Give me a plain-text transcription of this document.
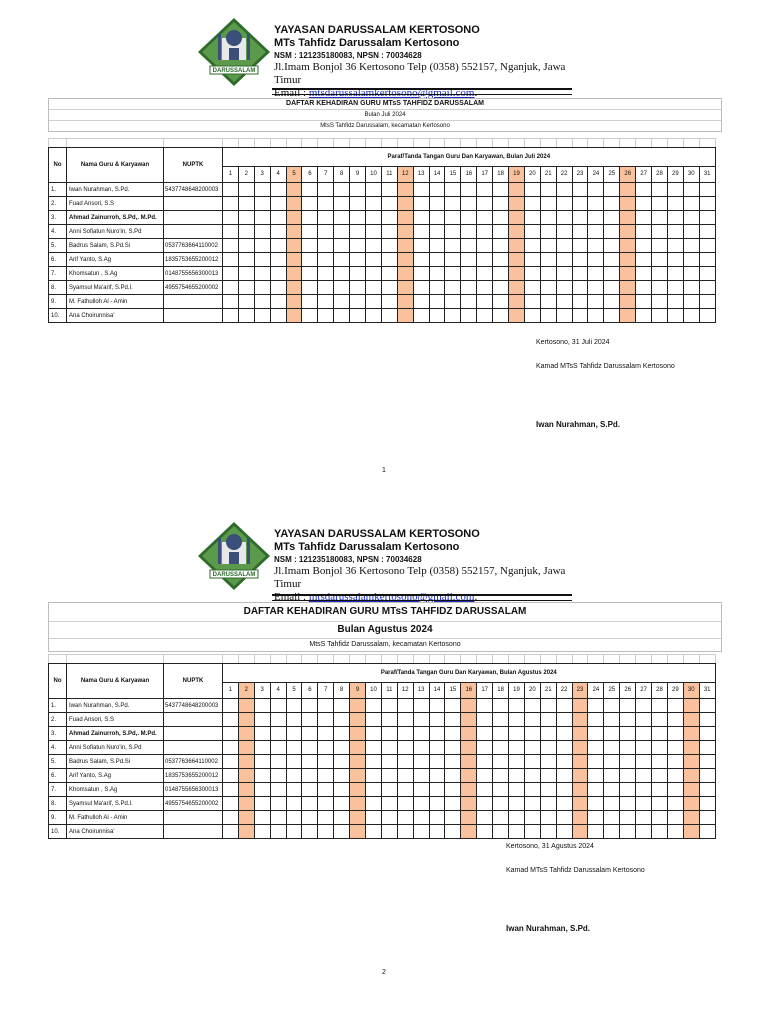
DARUSSALAM
YAYASAN DARUSSALAM KERTOSONO
MTs Tahfidz Darussalam Kertosono
NSM : 121235180083, NPSN : 70034628
Jl.Imam Bonjol 36 Kertosono Telp (0358) 552157, Nganjuk, Jawa Timur
Email : mtsdarussalamkertosono@gmail.com.
DAFTAR KEHADIRAN GURU MTsS TAHFIDZ DARUSSALAM
Bulan Juli 2024
MtsS Tahfidz Darussalam, kecamatan Kertosono

No	Nama Guru & Karyawan	NUPTK	Paraf/Tanda Tangan Guru Dan Karyawan, Bulan Juli 2024																														
			1	2	3	4	5	6	7	8	9	10	11	12	13	14	15	16	17	18	19	20	21	22	23	24	25	26	27	28	29	30	31
1.	Iwan Nurahman, S.Pd.	5437748648200003																															
2.	Fuad Ansori, S.S																																
3.	Ahmad Zainurroh, S.Pd,. M.Pd.																																
4.	Anni Sofiatun Nuro'in, S.Pd																																
5.	Badrus Salam, S.Pd.Si	0537763664110002																															
6.	Arif Yanto, S.Ag	1835753655200012																															
7.	Khomsatun , S.Ag	0148755656300013																															
8.	Syamsul Ma'arif, S.Pd.I.	4955754655200002																															
9.	M. Fathulloh Al - Amin																																
10.	Ana Choirunnisa'																																
Kertosono, 31 Juli 2024
Kamad MTsS Tahfidz Darussalam Kertosono
Iwan Nurahman, S.Pd.
1
DARUSSALAM
YAYASAN DARUSSALAM KERTOSONO
MTs Tahfidz Darussalam Kertosono
NSM : 121235180083, NPSN : 70034628
Jl.Imam Bonjol 36 Kertosono Telp (0358) 552157, Nganjuk, Jawa Timur
Email : mtsdarussalamkertosono@gmail.com.
DAFTAR KEHADIRAN GURU MTsS TAHFIDZ DARUSSALAM
Bulan Agustus 2024
MtsS Tahfidz Darussalam, kecamatan Kertosono

No	Nama Guru & Karyawan	NUPTK	Paraf/Tanda Tangan Guru Dan Karyawan, Bulan Agustus 2024																														
			1	2	3	4	5	6	7	8	9	10	11	12	13	14	15	16	17	18	19	20	21	22	23	24	25	26	27	28	29	30	31
1.	Iwan Nurahman, S.Pd.	5437748648200003																															
2.	Fuad Ansori, S.S																																
3.	Ahmad Zainurroh, S.Pd,. M.Pd.																																
4.	Anni Sofiatun Nuro'in, S.Pd																																
5.	Badrus Salam, S.Pd.Si	0537763664110002																															
6.	Arif Yanto, S.Ag	1835753655200012																															
7.	Khomsatun , S.Ag	0148755656300013																															
8.	Syamsul Ma'arif, S.Pd.I.	4955754655200002																															
9.	M. Fathulloh Al - Amin																																
10.	Ana Choirunnisa'																																
Kertosono, 31 Agustus 2024
Kamad MTsS Tahfidz Darussalam Kertosono
Iwan Nurahman, S.Pd.
2
